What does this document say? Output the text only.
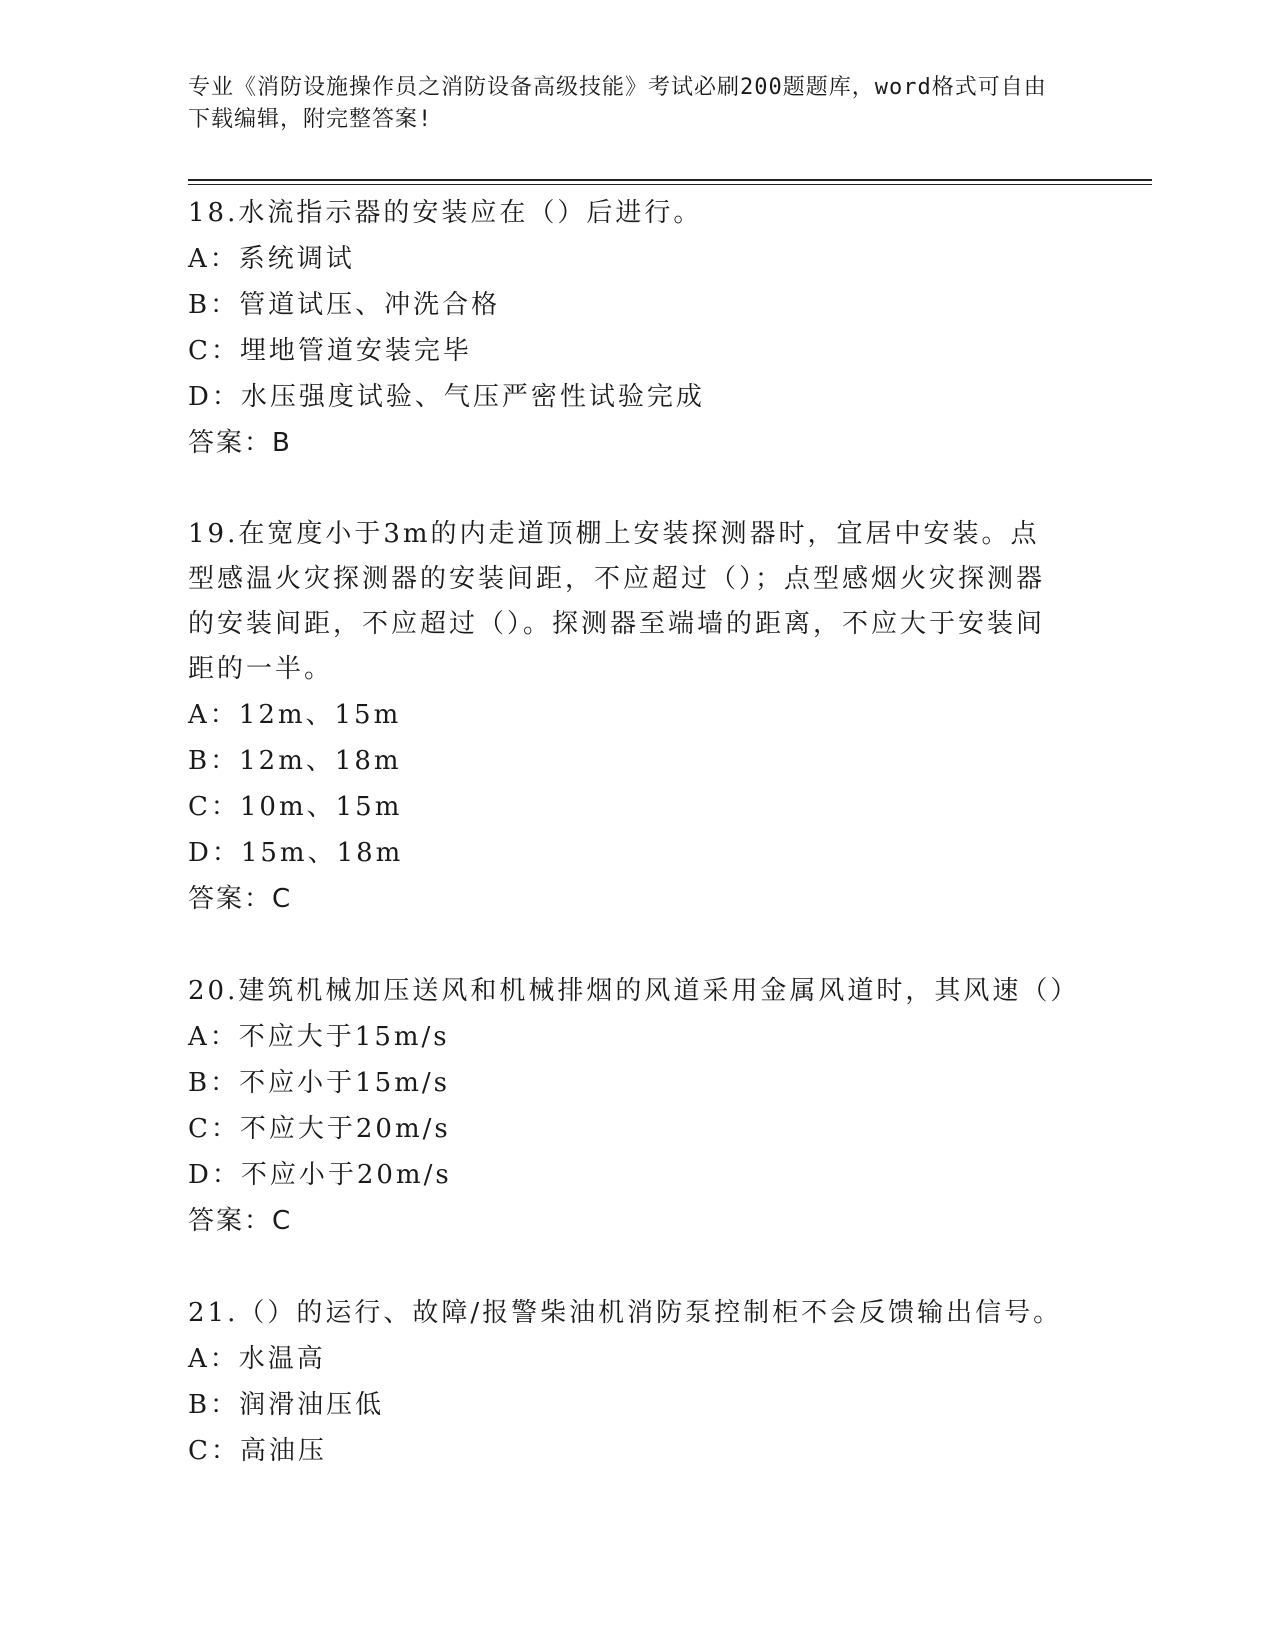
专业《消防设施操作员之消防设备高级技能》考试必刷200题题库，word格式可自由下载编辑，附完整答案!
18.水流指示器的安装应在（）后进行。
A：系统调试
B：管道试压、冲洗合格
C：埋地管道安装完毕
D：水压强度试验、气压严密性试验完成
答案：B
19.在宽度小于3m的内走道顶棚上安装探测器时，宜居中安装。点型感温火灾探测器的安装间距，不应超过（）；点型感烟火灾探测器的安装间距，不应超过（）。探测器至端墙的距离，不应大于安装间距的一半。
A：12m、15m
B：12m、18m
C：10m、15m
D：15m、18m
答案：C
20.建筑机械加压送风和机械排烟的风道采用金属风道时，其风速（）
A：不应大于15m/s
B：不应小于15m/s
C：不应大于20m/s
D：不应小于20m/s
答案：C
21.（）的运行、故障/报警柴油机消防泵控制柜不会反馈输出信号。
A：水温高
B：润滑油压低
C：高油压
